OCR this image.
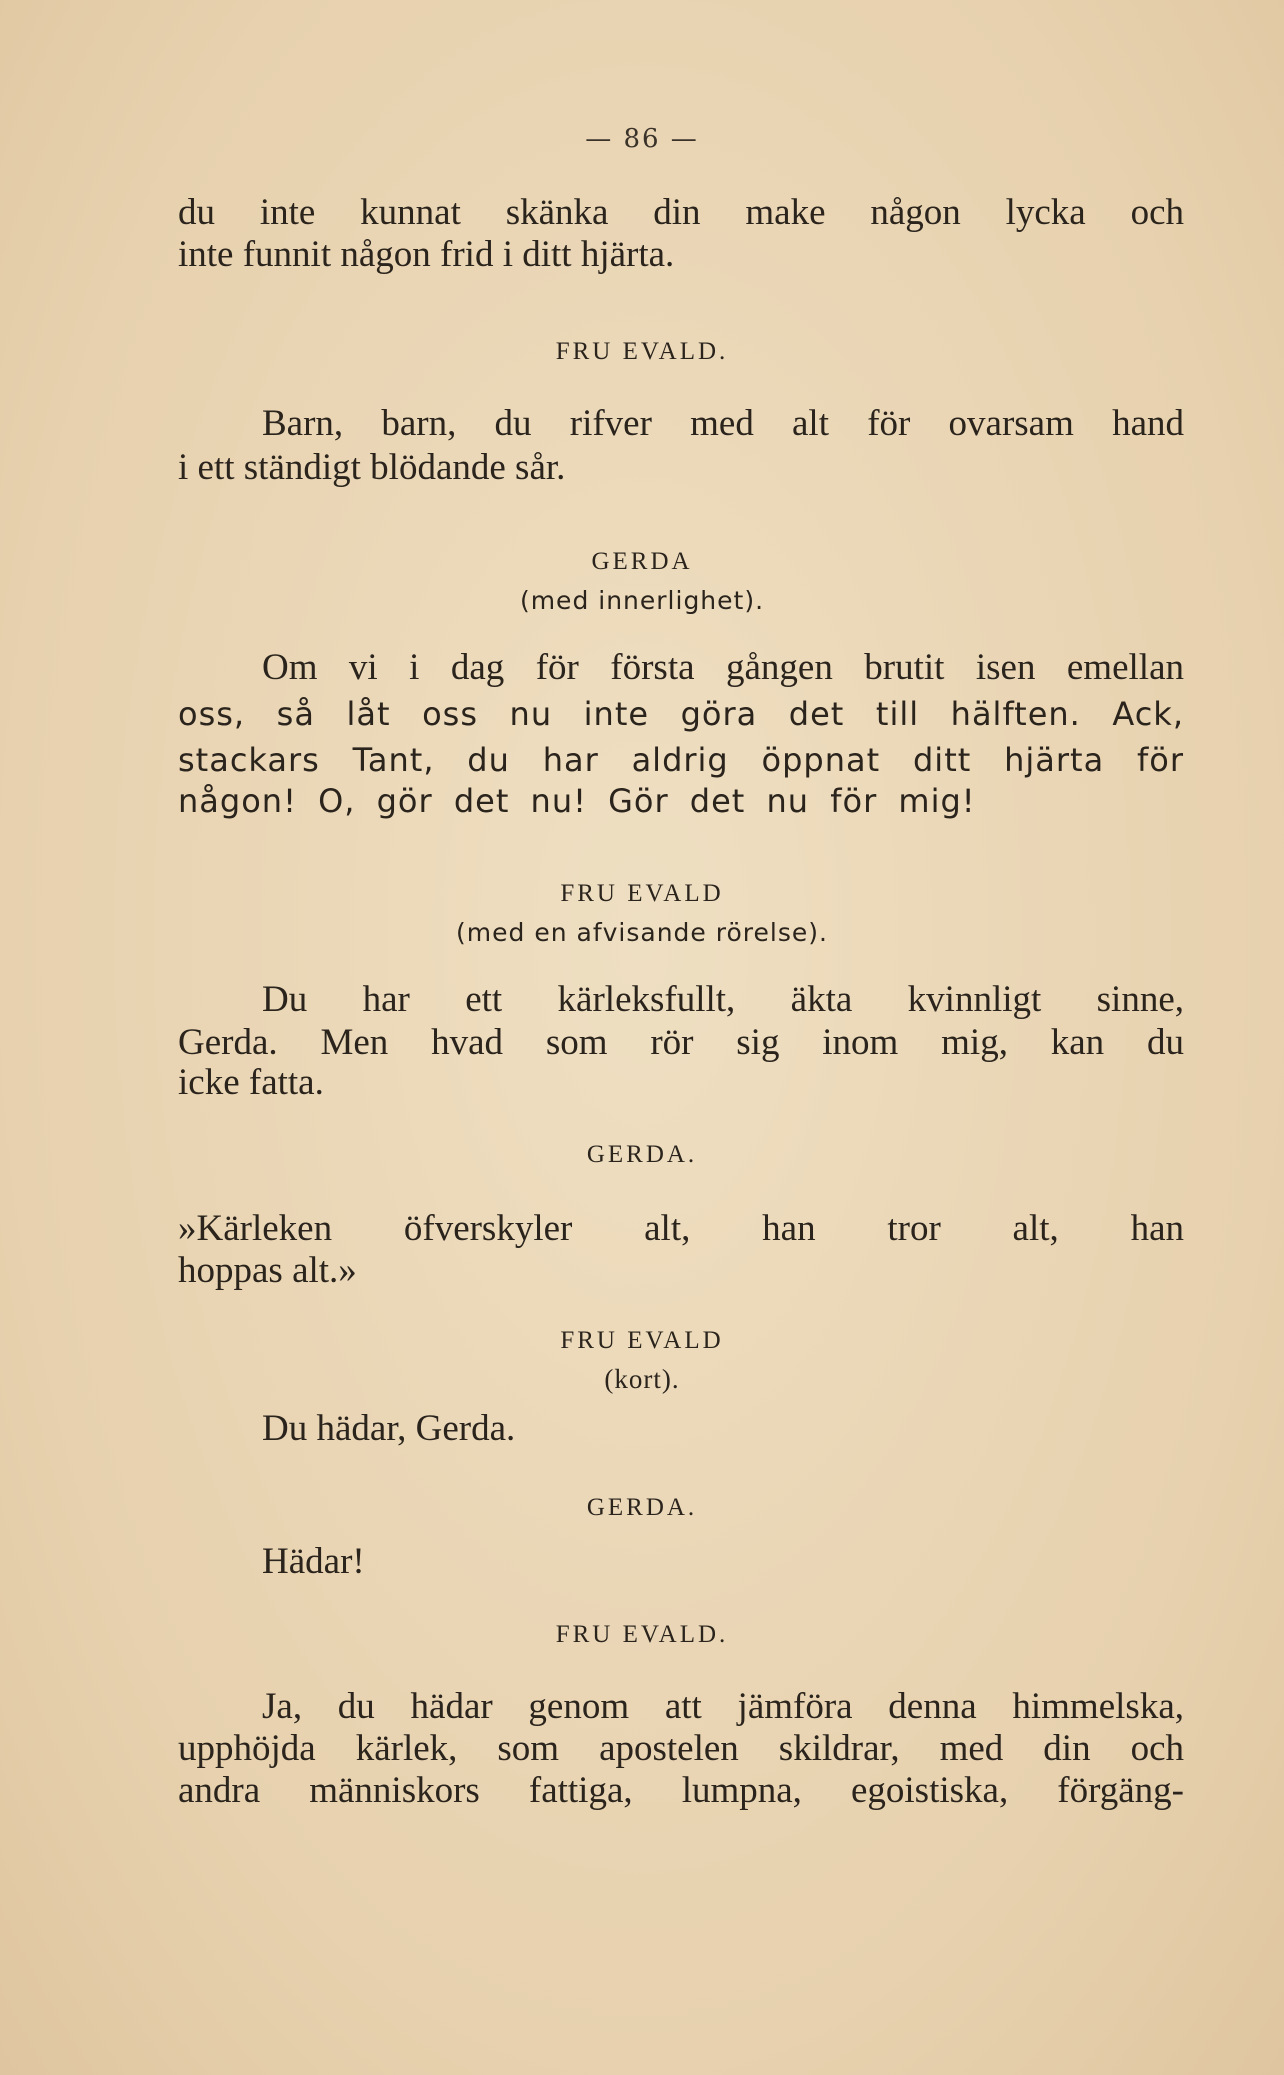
— 86 —
du inte kunnat skänka din make någon lycka och
inte funnit någon frid i ditt hjärta.
FRU EVALD.
Barn, barn, du rifver med alt för ovarsam hand
i ett ständigt blödande sår.
GERDA
(med innerlighet).
Om vi i dag för första gången brutit isen emellan
oss, så låt oss nu inte göra det till hälften. Ack,
stackars Tant, du har aldrig öppnat ditt hjärta för
någon! O, gör det nu! Gör det nu för mig!
FRU EVALD
(med en afvisande rörelse).
Du har ett kärleksfullt, äkta kvinnligt sinne,
Gerda. Men hvad som rör sig inom mig, kan du
icke fatta.
GERDA.
»Kärleken öfverskyler alt, han tror alt, han
hoppas alt.»
FRU EVALD
(kort).
Du hädar, Gerda.
GERDA.
Hädar!
FRU EVALD.
Ja, du hädar genom att jämföra denna himmelska,
upphöjda kärlek, som apostelen skildrar, med din och
andra människors fattiga, lumpna, egoistiska, förgäng-
